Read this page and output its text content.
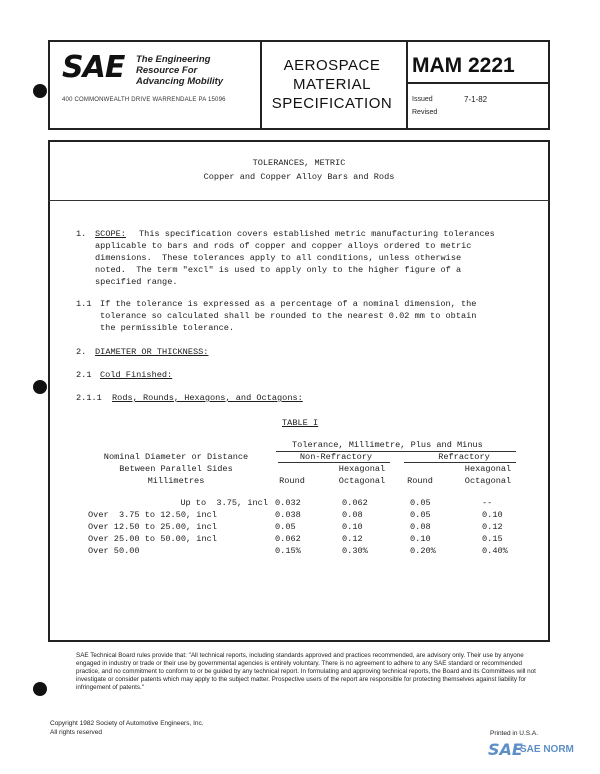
SAE The Engineering
Resource For
Advancing Mobility
400 COMMONWEALTH DRIVE WARRENDALE PA 15096
AEROSPACE
MATERIAL
SPECIFICATION
MAM 2221
Issued	7-1-82
Revised
TOLERANCES, METRIC
Copper and Copper Alloy Bars and Rods
1. SCOPE: This specification covers established metric manufacturing tolerances
applicable to bars and rods of copper and copper alloys ordered to metric
dimensions.  These tolerances apply to all conditions, unless otherwise
noted.  The term "excl" is used to apply only to the higher figure of a
specified range.
1.1 If the tolerance is expressed as a percentage of a nominal dimension, the
tolerance so calculated shall be rounded to the nearest 0.02 mm to obtain
the permissible tolerance.
2. DIAMETER OR THICKNESS:
2.1 Cold Finished:
2.1.1 Rods, Rounds, Hexagons, and Octagons:
TABLE I
Tolerance, Millimetre, Plus and Minus
Nominal Diameter or Distance
Between Parallel Sides
Millimetres
Non-Refractory	Refractory
Hexagonal	Hexagonal
Round	Octagonal	Round	Octagonal
Up to  3.75, incl 0.032	0.062	0.05	--
Over  3.75 to 12.50, incl	0.038	0.08	0.05	0.10
Over 12.50 to 25.00, incl	0.05	0.10	0.08	0.12
Over 25.00 to 50.00, incl	0.062	0.12	0.10	0.15
Over 50.00	0.15%	0.30%	0.20%	0.40%
SAE Technical Board rules provide that: "All technical reports, including standards approved and practices recommended, are advisory only. Their use by anyone engaged in industry or trade or their use by governmental agencies is entirely voluntary. There is no agreement to adhere to any SAE standard or recommended practice, and no commitment to conform to or be guided by any technical report. In formulating and approving technical reports, the Board and its Committees will not investigate or consider patents which may apply to the subject matter. Prospective users of the report are responsible for protecting themselves against liability for infringement of patents."
Copyright 1982 Society of Automotive Engineers, Inc.
All rights reserved	Printed in U.S.A.
SAE
SAE NORM
